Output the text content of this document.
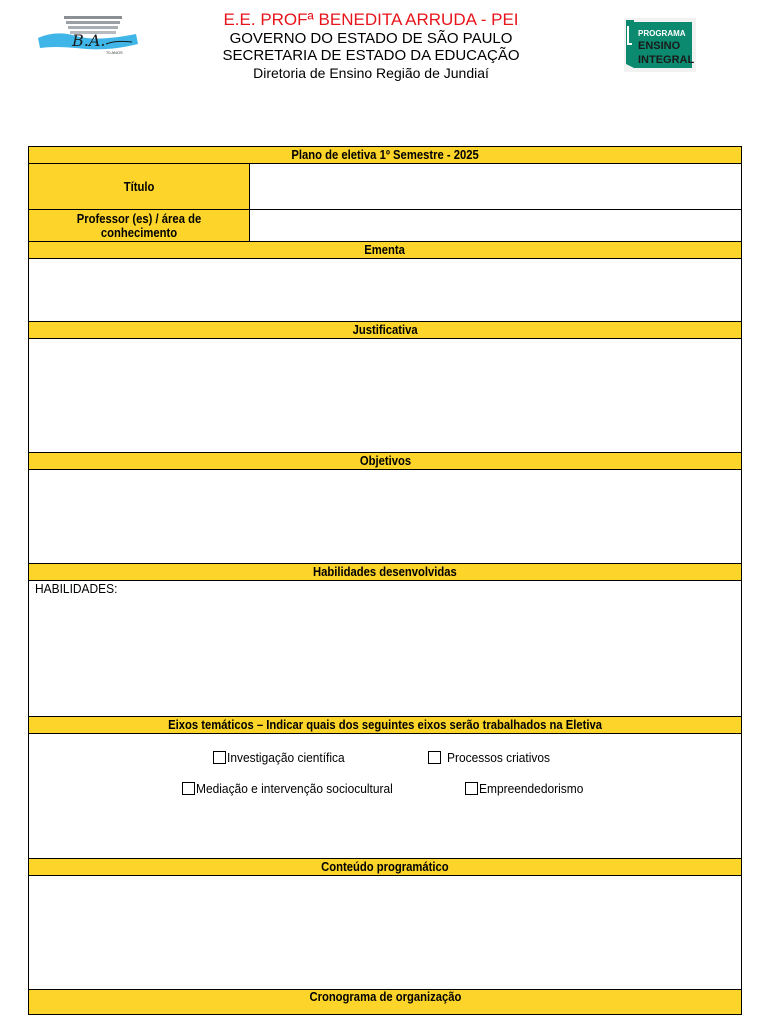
B.A.
70 ANOS
E.E. PROFª BENEDITA ARRUDA - PEI
GOVERNO DO ESTADO DE SÃO PAULO
SECRETARIA DE ESTADO DA EDUCAÇÃO
Diretoria de Ensino Região de Jundiaí
PROGRAMA
ENSINO
INTEGRAL
Plano de eletiva 1º Semestre - 2025
Título
Professor (es) / área de conhecimento
Ementa
Justificativa
Objetivos
Habilidades desenvolvidas
HABILIDADES:
Eixos temáticos – Indicar quais dos seguintes eixos serão trabalhados na Eletiva
Investigação científica	Processos criativos
Mediação e intervenção sociocultural	Empreendedorismo
Conteúdo programático
Cronograma de organização
